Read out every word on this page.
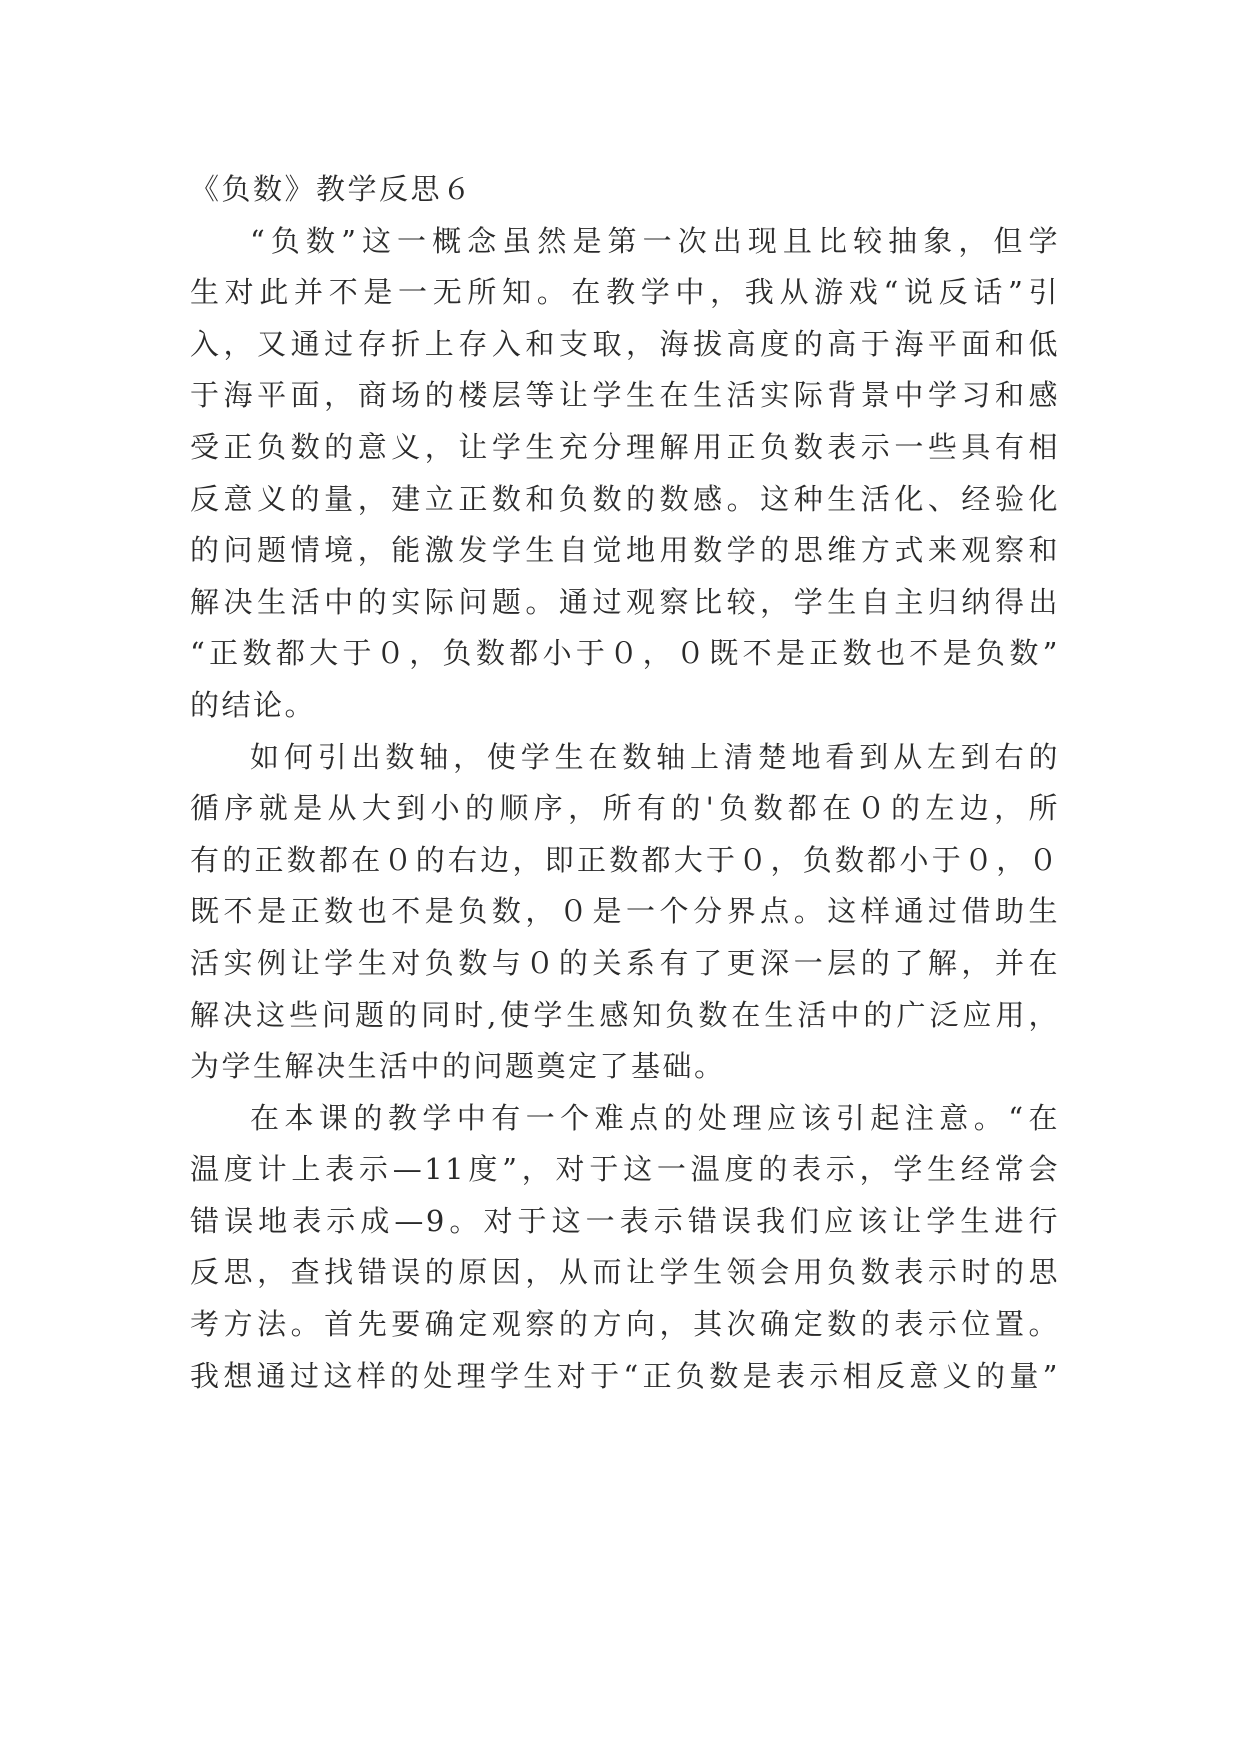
《负数》教学反思６
“负数”这一概念虽然是第一次出现且比较抽象，但学
生对此并不是一无所知。在教学中，我从游戏“说反话”引
入，又通过存折上存入和支取，海拔高度的高于海平面和低
于海平面，商场的楼层等让学生在生活实际背景中学习和感
受正负数的意义，让学生充分理解用正负数表示一些具有相
反意义的量，建立正数和负数的数感。这种生活化、经验化
的问题情境，能激发学生自觉地用数学的思维方式来观察和
解决生活中的实际问题。通过观察比较，学生自主归纳得出
“正数都大于０，负数都小于０，０既不是正数也不是负数”
的结论。
如何引出数轴，使学生在数轴上清楚地看到从左到右的
循序就是从大到小的顺序，所有的'负数都在０的左边，所
有的正数都在０的右边，即正数都大于０，负数都小于０，０
既不是正数也不是负数，０是一个分界点。这样通过借助生
活实例让学生对负数与０的关系有了更深一层的了解，并在
解决这些问题的同时,使学生感知负数在生活中的广泛应用，
为学生解决生活中的问题奠定了基础。
在本课的教学中有一个难点的处理应该引起注意。“在
温度计上表示—11度”，对于这一温度的表示，学生经常会
错误地表示成—9。对于这一表示错误我们应该让学生进行
反思，查找错误的原因，从而让学生领会用负数表示时的思
考方法。首先要确定观察的方向，其次确定数的表示位置。
我想通过这样的处理学生对于“正负数是表示相反意义的量”
